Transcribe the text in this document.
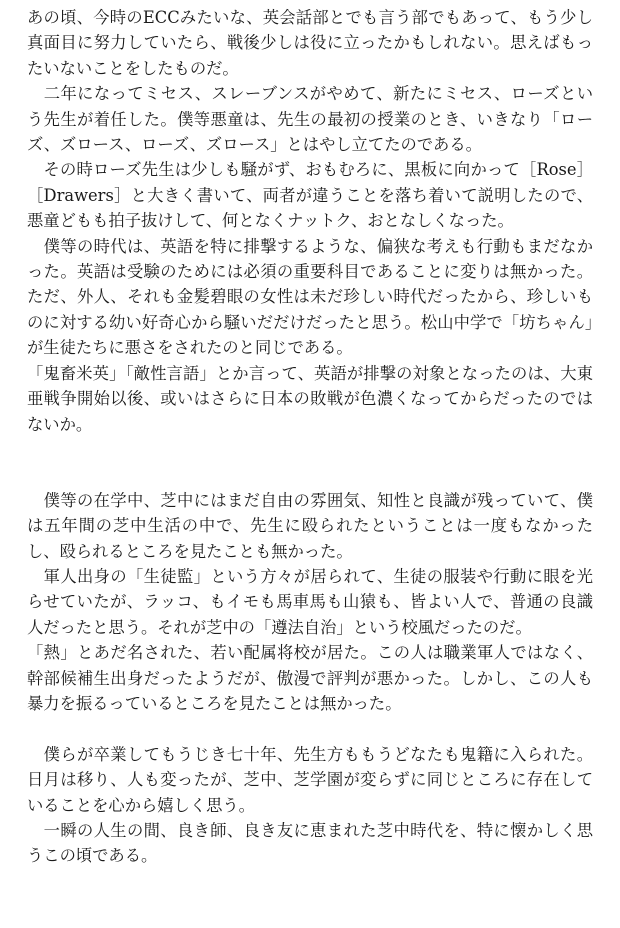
あの頃、今時のECCみたいな、英会話部とでも言う部でもあって、もう少し真面目に努力していたら、戦後少しは役に立ったかもしれない。思えばもったいないことをしたものだ。

　二年になってミセス、スレーブンスがやめて、新たにミセス、ローズという先生が着任した。僕等悪童は、先生の最初の授業のとき、いきなり「ローズ、ズロース、ローズ、ズロース」とはやし立てたのである。

　その時ローズ先生は少しも騒がず、おもむろに、黒板に向かって［Rose］［Drawers］と大きく書いて、両者が違うことを落ち着いて説明したので、悪童どもも拍子抜けして、何となくナットク、おとなしくなった。

　僕等の時代は、英語を特に排撃するような、偏狭な考えも行動もまだなかった。英語は受験のためには必須の重要科目であることに変りは無かった。ただ、外人、それも金髪碧眼の女性は未だ珍しい時代だったから、珍しいものに対する幼い好奇心から騒いだだけだったと思う。松山中学で「坊ちゃん」が生徒たちに悪さをされたのと同じである。

「鬼畜米英」「敵性言語」とか言って、英語が排撃の対象となったのは、大東亜戦争開始以後、或いはさらに日本の敗戦が色濃くなってからだったのではないか。

　僕等の在学中、芝中にはまだ自由の雰囲気、知性と良識が残っていて、僕は五年間の芝中生活の中で、先生に殴られたということは一度もなかったし、殴られるところを見たことも無かった。

　軍人出身の「生徒監」という方々が居られて、生徒の服装や行動に眼を光らせていたが、ラッコ、もイモも馬車馬も山猿も、皆よい人で、普通の良識人だったと思う。それが芝中の「遵法自治」という校風だったのだ。

「熱」とあだ名された、若い配属将校が居た。この人は職業軍人ではなく、幹部候補生出身だったようだが、傲漫で評判が悪かった。しかし、この人も暴力を振るっているところを見たことは無かった。

　僕らが卒業してもうじき七十年、先生方ももうどなたも鬼籍に入られた。日月は移り、人も変ったが、芝中、芝学園が変らずに同じところに存在していることを心から嬉しく思う。

　一瞬の人生の間、良き師、良き友に恵まれた芝中時代を、特に懐かしく思うこの頃である。
